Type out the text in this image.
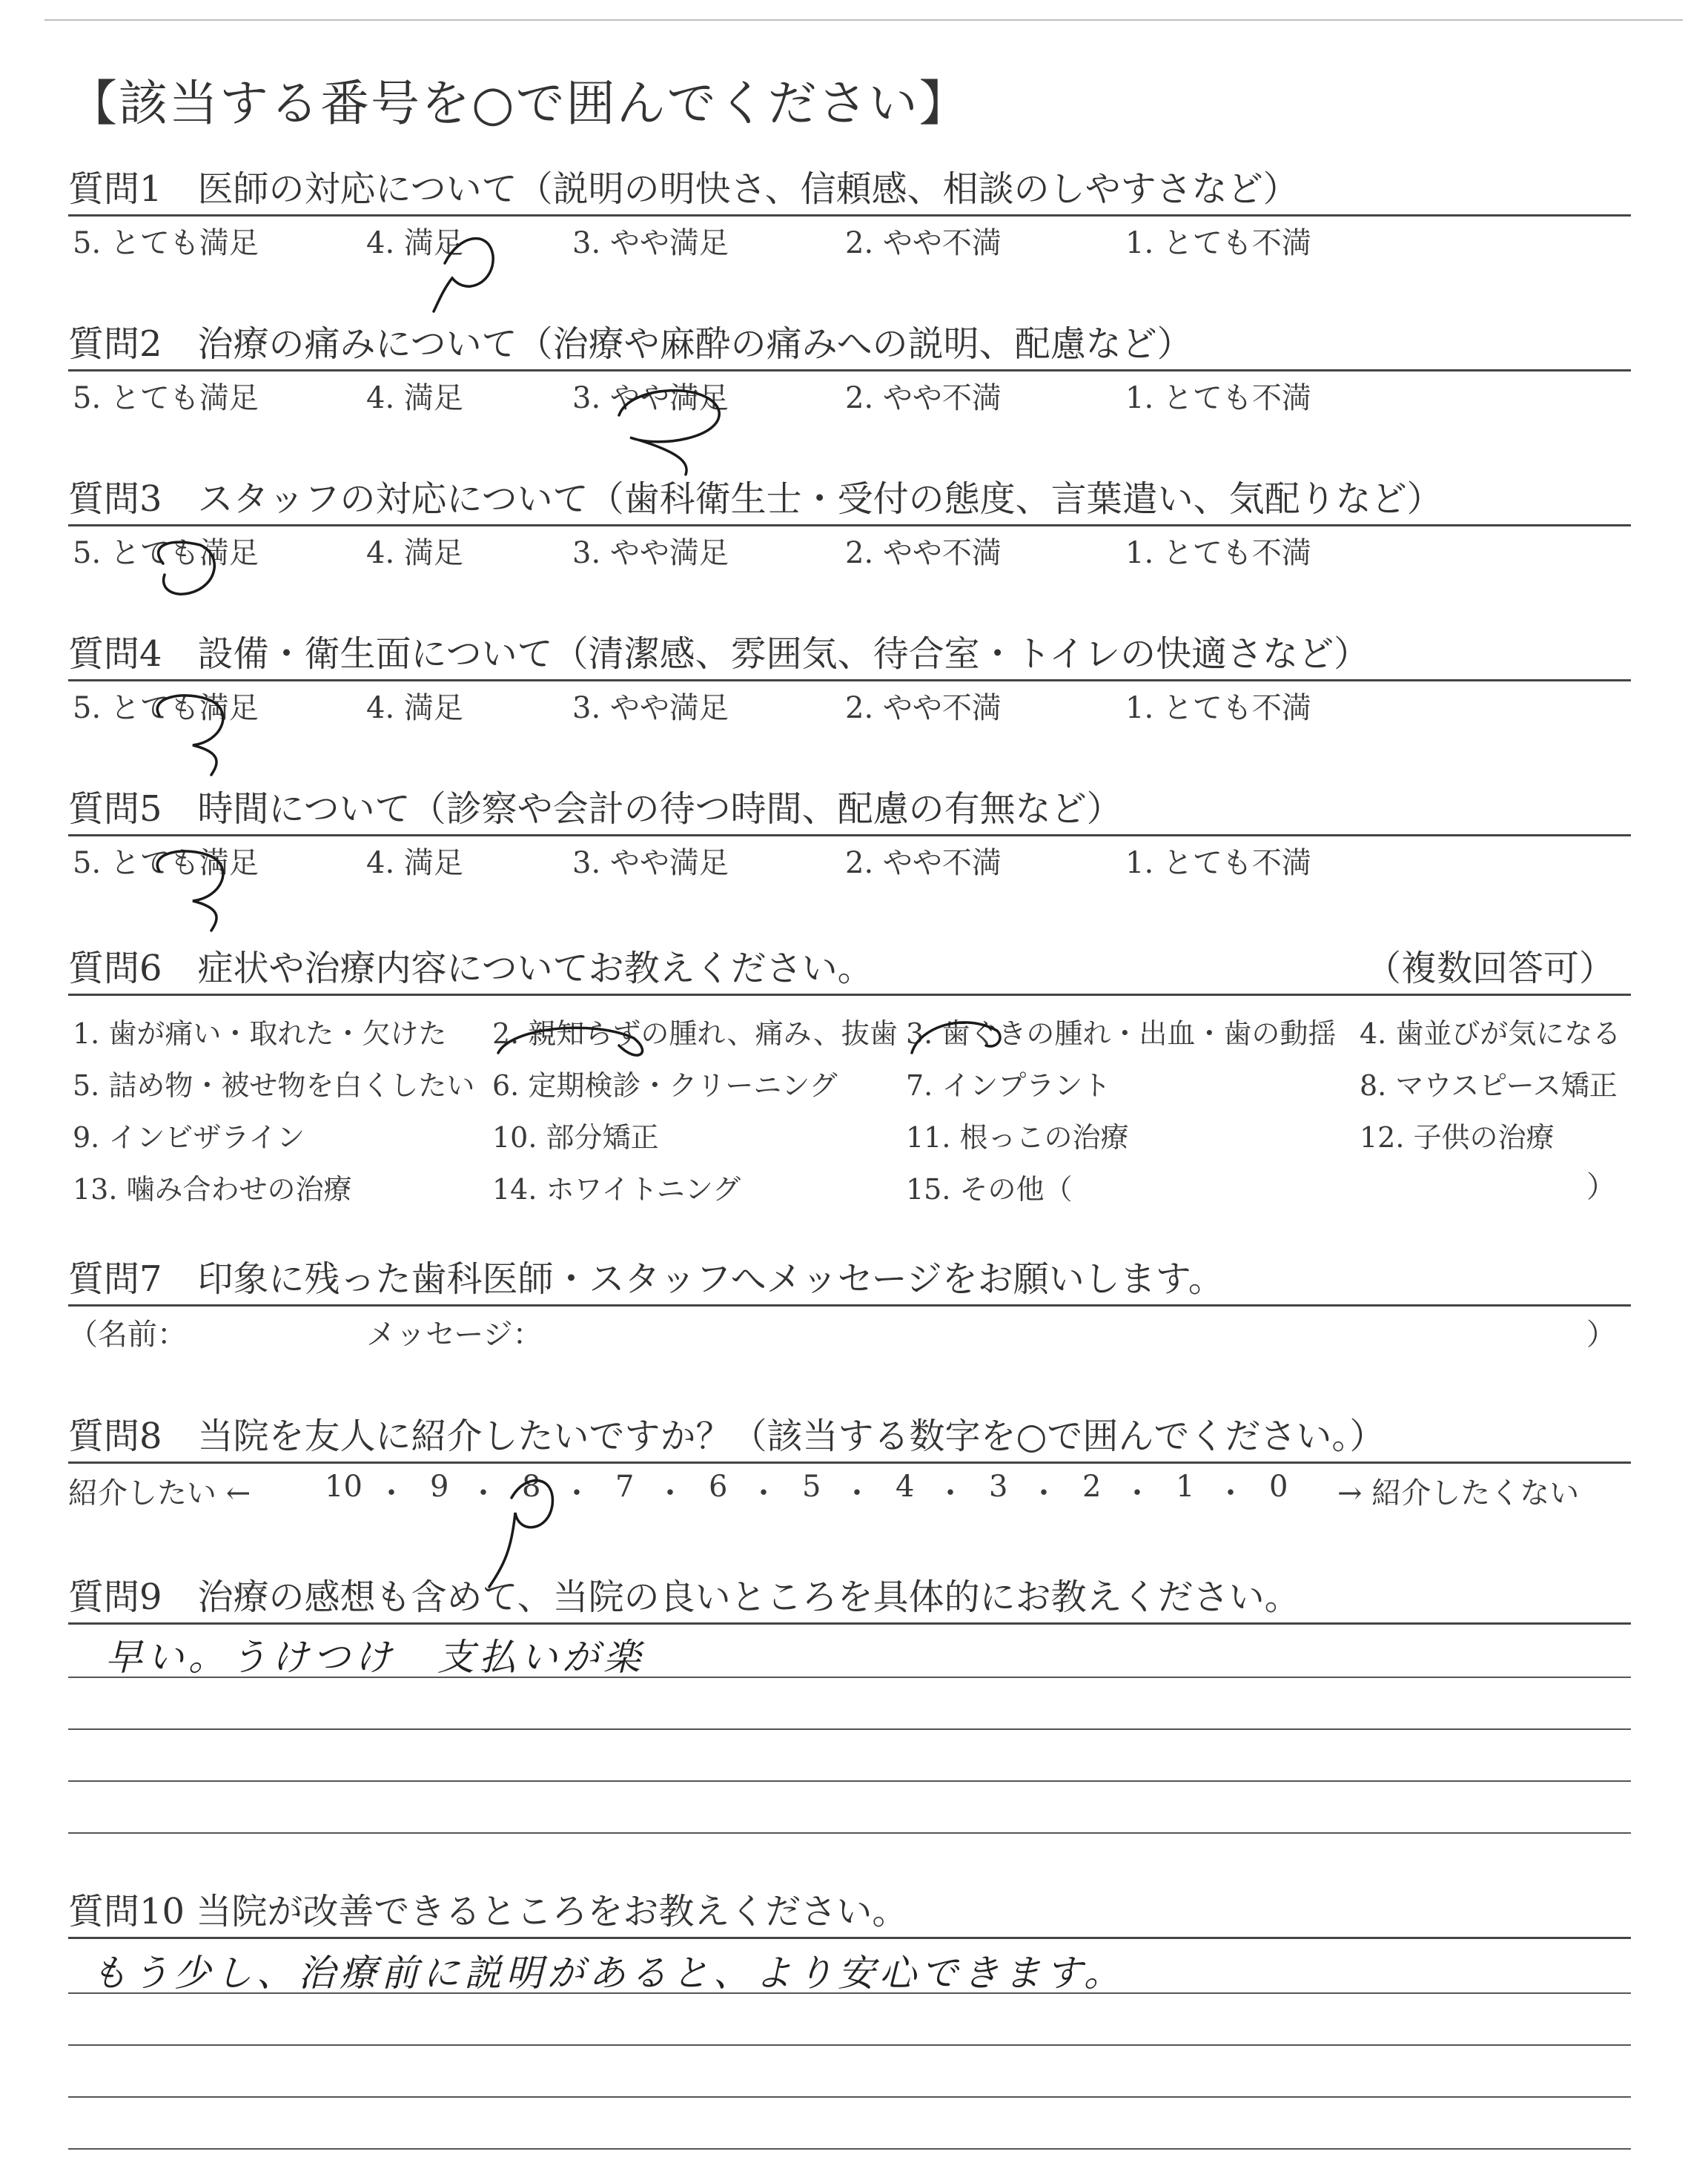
【該当する番号を○で囲んでください】
質問1　医師の対応について（説明の明快さ、信頼感、相談のしやすさなど）
5. とても満足	4. 満足	3. やや満足	2. やや不満	1. とても不満
質問2　治療の痛みについて（治療や麻酔の痛みへの説明、配慮など）
5. とても満足	4. 満足	3. やや満足	2. やや不満	1. とても不満
質問3　スタッフの対応について（歯科衛生士・受付の態度、言葉遣い、気配りなど）
5. とても満足	4. 満足	3. やや満足	2. やや不満	1. とても不満
質問4　設備・衛生面について（清潔感、雰囲気、待合室・トイレの快適さなど）
5. とても満足	4. 満足	3. やや満足	2. やや不満	1. とても不満
質問5　時間について（診察や会計の待つ時間、配慮の有無など）
5. とても満足	4. 満足	3. やや満足	2. やや不満	1. とても不満
質問6　症状や治療内容についてお教えください。	（複数回答可）
1. 歯が痛い・取れた・欠けた 2. 親知らずの腫れ、痛み、抜歯 3. 歯ぐきの腫れ・出血・歯の動揺 4. 歯並びが気になる
5. 詰め物・被せ物を白くしたい 6. 定期検診・クリーニング 7. インプラント	8. マウスピース矯正
9. インビザライン	10. 部分矯正	11. 根っこの治療	12. 子供の治療
13. 噛み合わせの治療	14. ホワイトニング	15. その他（	）
質問7　印象に残った歯科医師・スタッフへメッセージをお願いします。
（名前：	メッセージ：	）
質問8　当院を友人に紹介したいですか？（該当する数字を○で囲んでください。）
紹介したい ← 10 ・ 9 ・ 8 ・ 7 ・ 6 ・ 5 ・ 4 ・ 3 ・ 2 ・ 1 ・ 0 → 紹介したくない
質問9　治療の感想も含めて、当院の良いところを具体的にお教えください。
早い。うけつけ　支払いが楽
質問10 当院が改善できるところをお教えください。
もう少し、治療前に説明があると、より安心できます。
